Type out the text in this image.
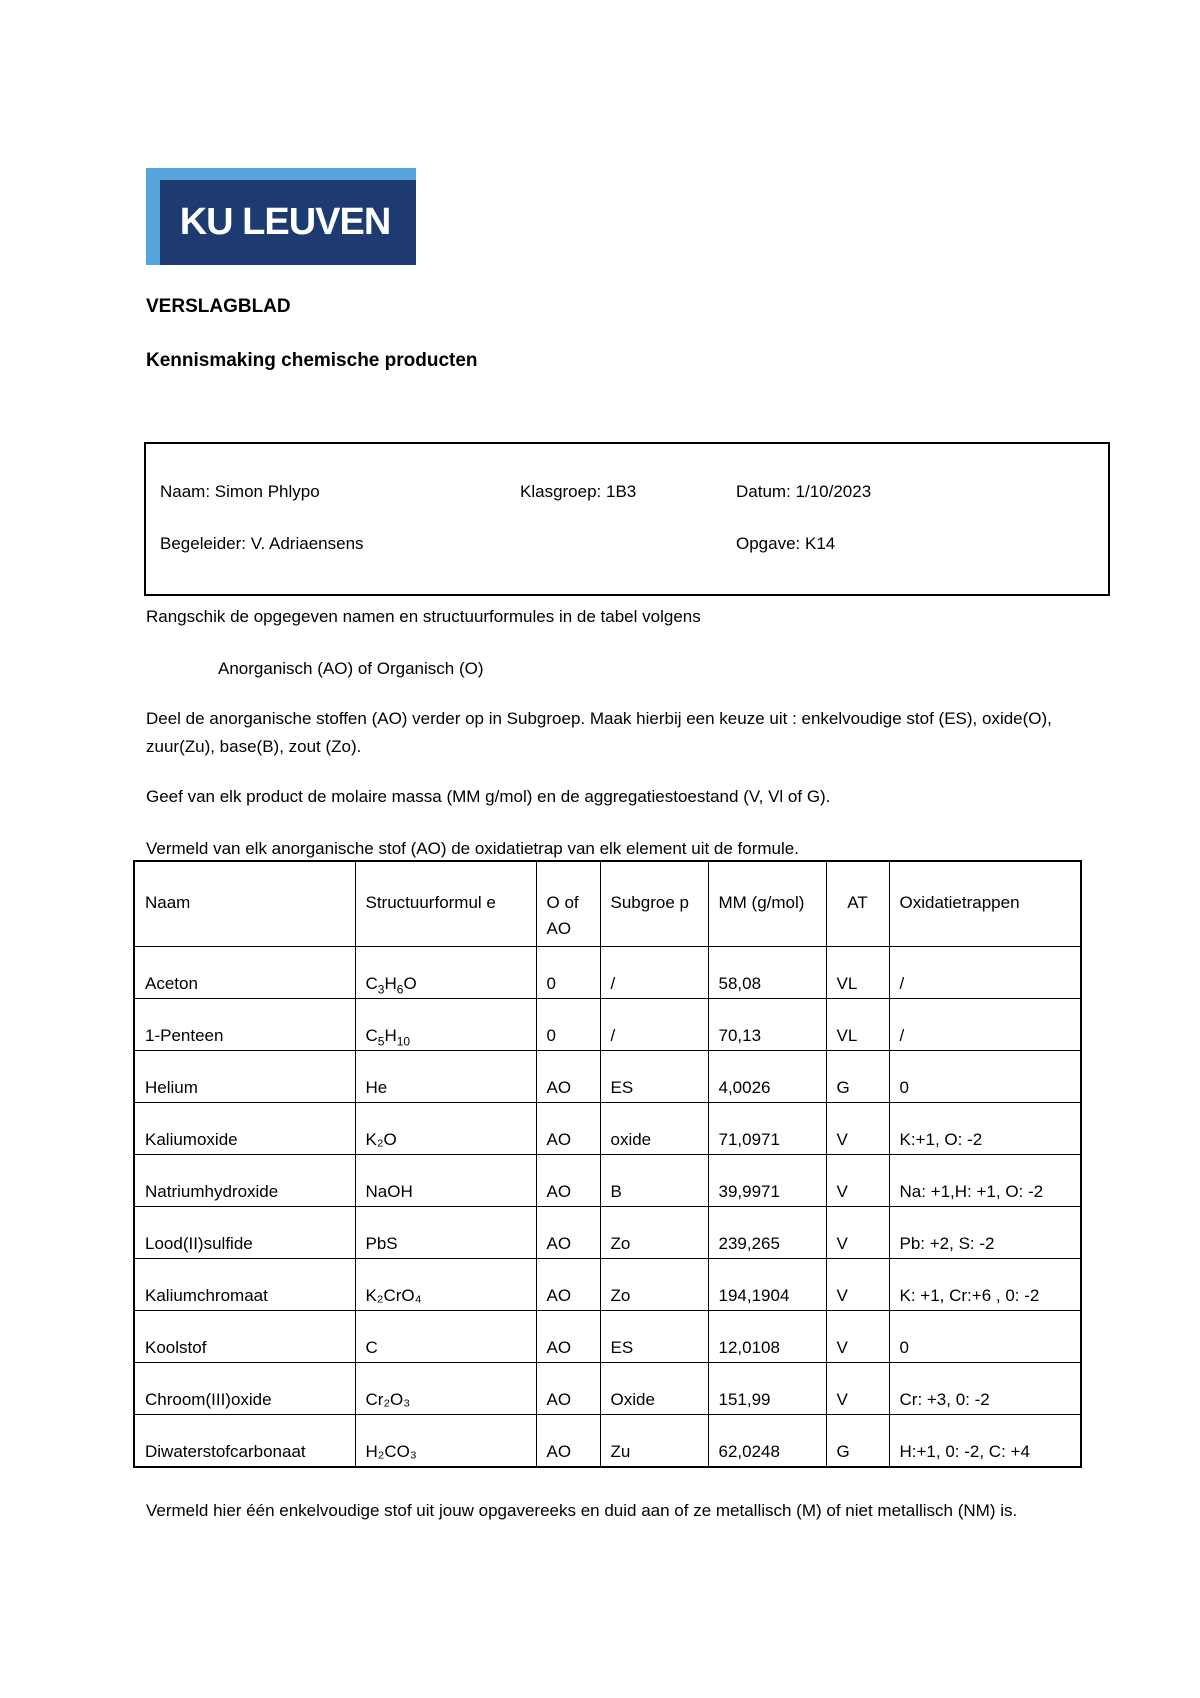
KU LEUVEN
VERSLAGBLAD
Kennismaking chemische producten
Naam: Simon Phlypo	Klasgroep: 1B3	Datum: 1/10/2023
Begeleider: V. Adriaensens	Opgave: K14
Rangschik de opgegeven namen en structuurformules in de tabel volgens
Anorganisch (AO) of Organisch (O)
Deel de anorganische stoffen (AO) verder op in Subgroep. Maak hierbij een keuze uit : enkelvoudige stof (ES), oxide(O), zuur(Zu), base(B), zout (Zo).
Geef van elk product de molaire massa (MM g/mol) en de aggregatiestoestand (V, Vl of G).
Vermeld van elk anorganische stof (AO) de oxidatietrap van elk element uit de formule.
Naam	Structuurformul e	O of AO	Subgroe p	MM (g/mol)	AT	Oxidatietrappen
Aceton	$C_3H_6O$	0	/	58,08	VL	/
1-Penteen	$C_5H_{10}$	0	/	70,13	VL	/
Helium	He	AO	ES	4,0026	G	0
Kaliumoxide	K₂O	AO	oxide	71,0971	V	K:+1, O: -2
Natriumhydroxide	NaOH	AO	B	39,9971	V	Na: +1,H: +1, O: -2
Lood(II)sulfide	PbS	AO	Zo	239,265	V	Pb: +2, S: -2
Kaliumchromaat	K₂CrO₄	AO	Zo	194,1904	V	K: +1, Cr:+6 , 0: -2
Koolstof	C	AO	ES	12,0108	V	0
Chroom(III)oxide	Cr₂O₃	AO	Oxide	151,99	V	Cr: +3, 0: -2
Diwaterstofcarbonaat	H₂CO₃	AO	Zu	62,0248	G	H:+1, 0: -2, C: +4
Vermeld hier één enkelvoudige stof uit jouw opgavereeks en duid aan of ze metallisch (M) of niet metallisch (NM) is.
